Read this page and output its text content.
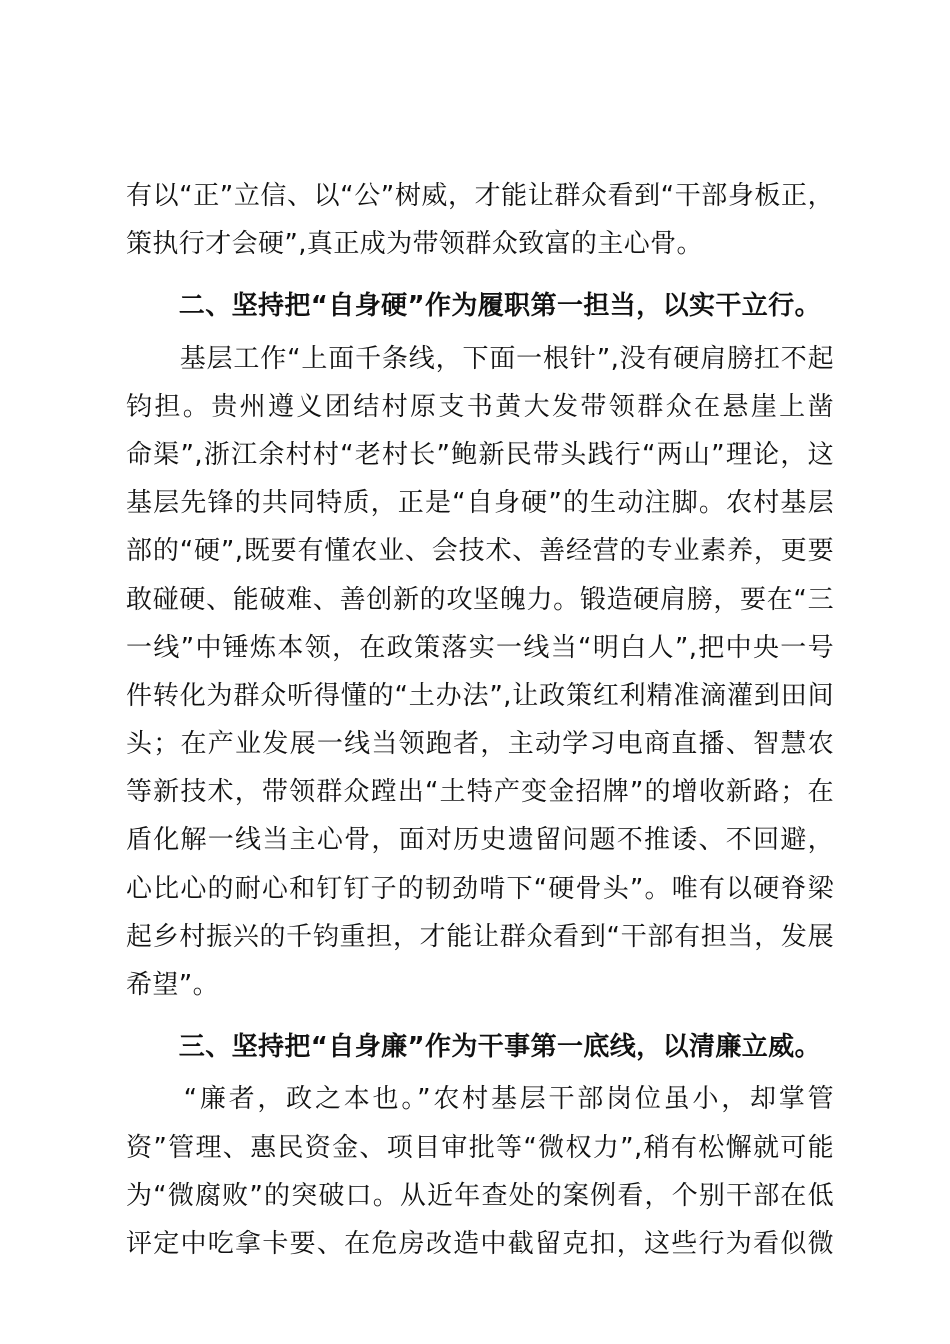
有以“正”立信、以“公”树威，才能让群众看到“干部身板正，
策执行才会硬”,真正成为带领群众致富的主心骨。
　　二、坚持把“自身硬”作为履职第一担当，以实干立行。
　　基层工作“上面千条线，下面一根针”,没有硬肩膀扛不起
钧担。贵州遵义团结村原支书黄大发带领群众在悬崖上凿
命渠”,浙江余村村“老村长”鲍新民带头践行“两山”理论，这
基层先锋的共同特质，正是“自身硬”的生动注脚。农村基层
部的“硬”,既要有懂农业、会技术、善经营的专业素养，更要
敢碰硬、能破难、善创新的攻坚魄力。锻造硬肩膀，要在“三
一线”中锤炼本领，在政策落实一线当“明白人”,把中央一号
件转化为群众听得懂的“土办法”,让政策红利精准滴灌到田间
头；在产业发展一线当领跑者，主动学习电商直播、智慧农
等新技术，带领群众蹚出“土特产变金招牌”的增收新路；在
盾化解一线当主心骨，面对历史遗留问题不推诿、不回避，
心比心的耐心和钉钉子的韧劲啃下“硬骨头”。唯有以硬脊梁
起乡村振兴的千钧重担，才能让群众看到“干部有担当，发展
希望”。
　　三、坚持把“自身廉”作为干事第一底线，以清廉立威。
　　“廉者，政之本也。”农村基层干部岗位虽小，却掌管
资”管理、惠民资金、项目审批等“微权力”,稍有松懈就可能
为“微腐败”的突破口。从近年查处的案例看，个别干部在低
评定中吃拿卡要、在危房改造中截留克扣，这些行为看似微
